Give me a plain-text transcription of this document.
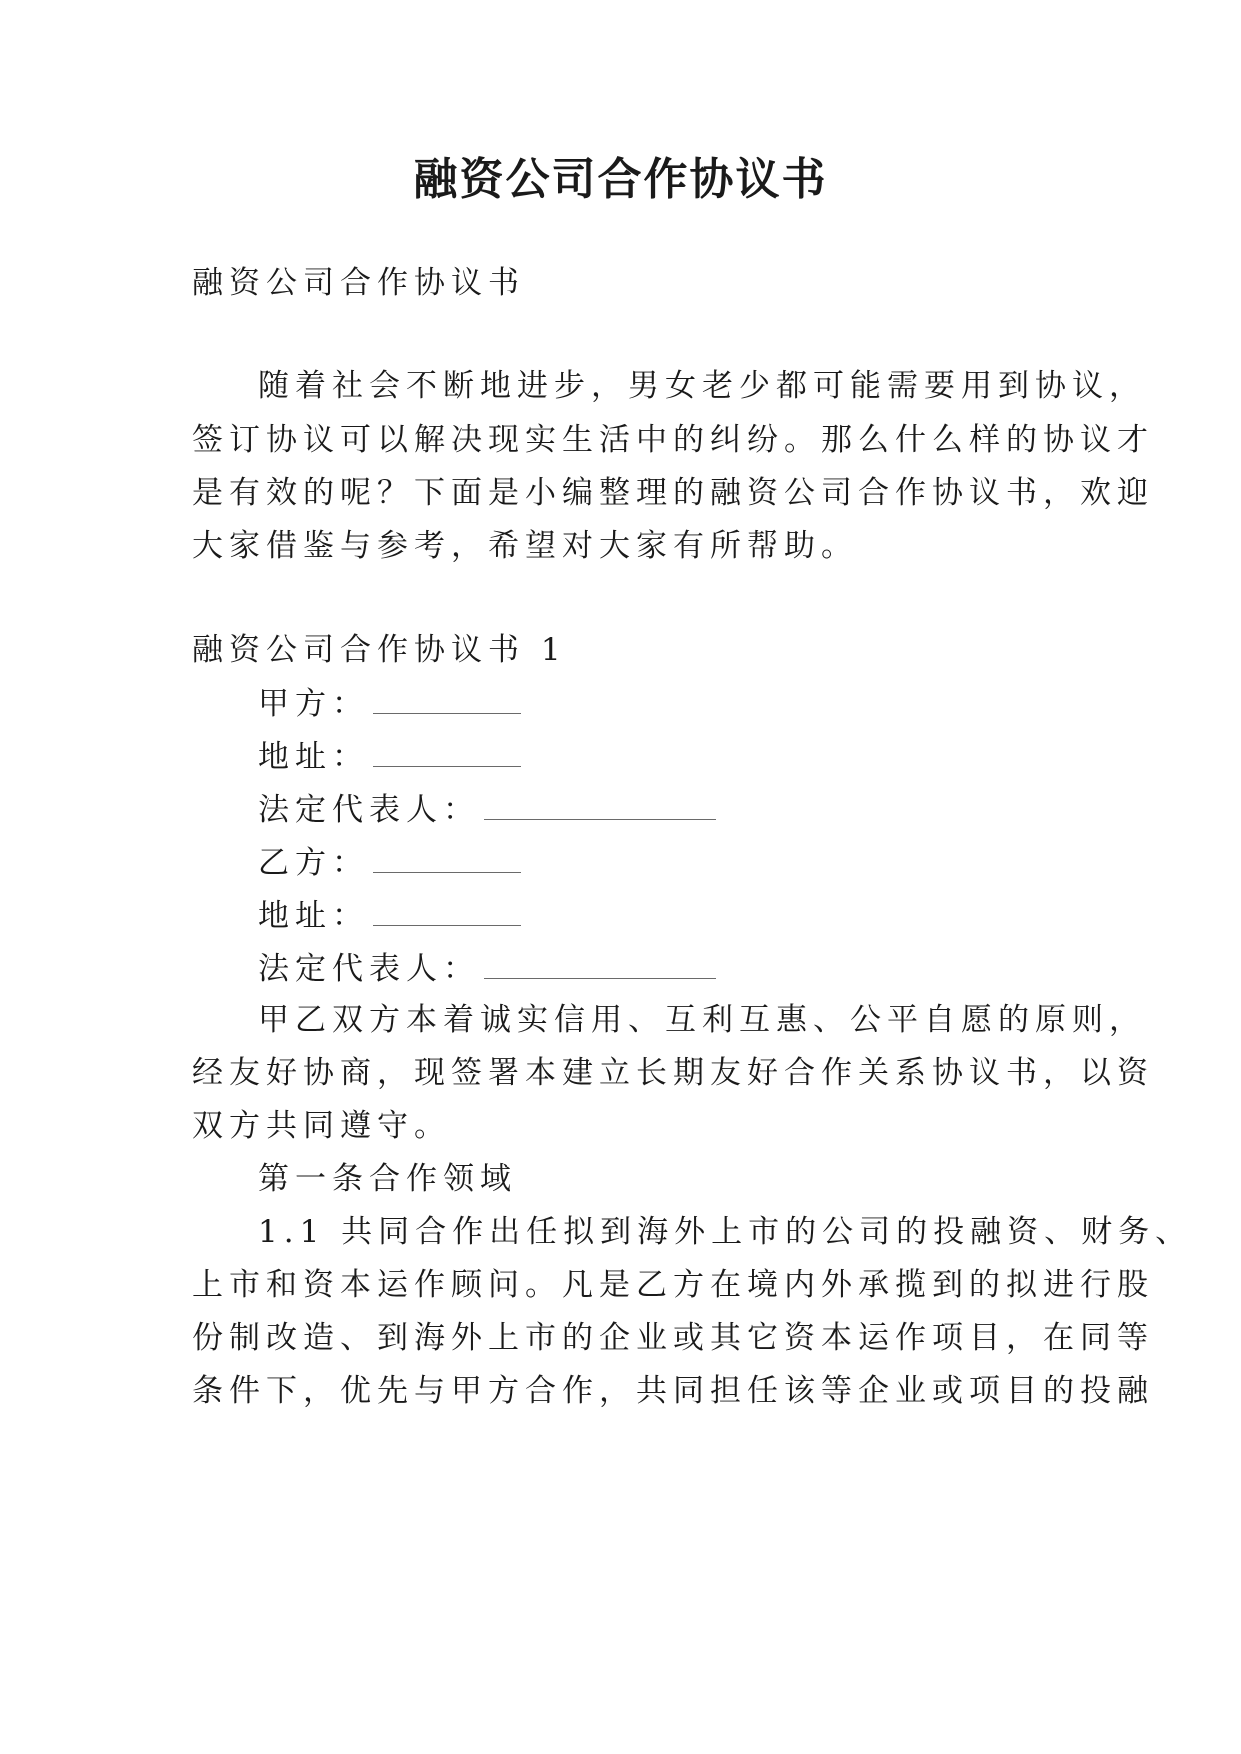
融资公司合作协议书

融资公司合作协议书

随着社会不断地进步，男女老少都可能需要用到协议，

签订协议可以解决现实生活中的纠纷。那么什么样的协议才

是有效的呢？下面是小编整理的融资公司合作协议书，欢迎

大家借鉴与参考，希望对大家有所帮助。

融资公司合作协议书 1

甲方：

地址：

法定代表人：

乙方：

地址：

法定代表人：

甲乙双方本着诚实信用、互利互惠、公平自愿的原则，

经友好协商，现签署本建立长期友好合作关系协议书，以资

双方共同遵守。

第一条合作领域

1.1 共同合作出任拟到海外上市的公司的投融资、财务、

上市和资本运作顾问。凡是乙方在境内外承揽到的拟进行股

份制改造、到海外上市的企业或其它资本运作项目，在同等

条件下，优先与甲方合作，共同担任该等企业或项目的投融
